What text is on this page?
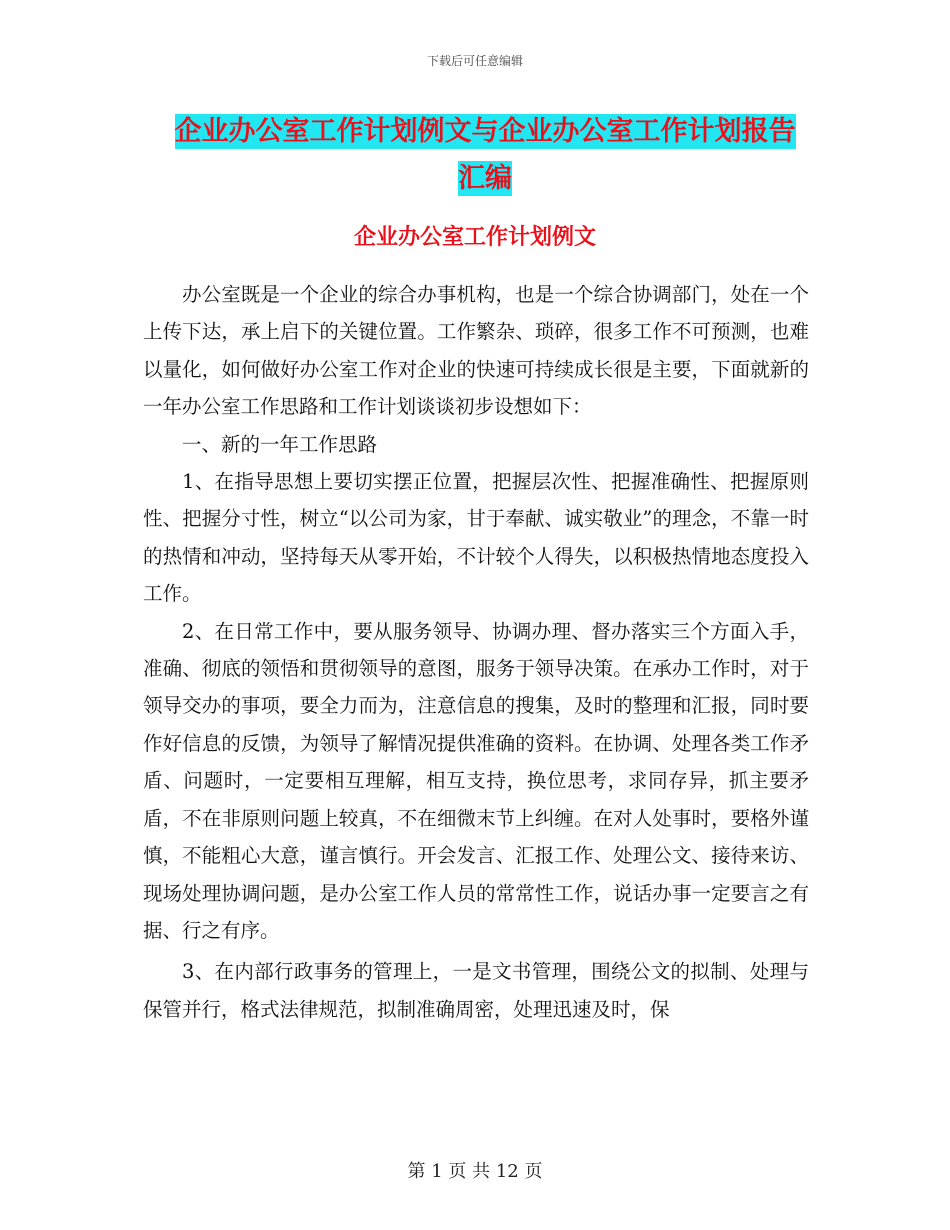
下载后可任意编辑
企业办公室工作计划例文与企业办公室工作计划报告
汇编
企业办公室工作计划例文

办公室既是一个企业的综合办事机构，也是一个综合协调部门，处在一个上传下达，承上启下的关键位置。工作繁杂、琐碎，很多工作不可预测，也难以量化，如何做好办公室工作对企业的快速可持续成长很是主要，下面就新的一年办公室工作思路和工作计划谈谈初步设想如下：

一、新的一年工作思路

1、在指导思想上要切实摆正位置，把握层次性、把握准确性、把握原则性、把握分寸性，树立“以公司为家，甘于奉献、诚实敬业”的理念，不靠一时的热情和冲动，坚持每天从零开始，不计较个人得失，以积极热情地态度投入工作。

2、在日常工作中，要从服务领导、协调办理、督办落实三个方面入手，准确、彻底的领悟和贯彻领导的意图，服务于领导决策。在承办工作时，对于领导交办的事项，要全力而为，注意信息的搜集，及时的整理和汇报，同时要作好信息的反馈，为领导了解情况提供准确的资料。在协调、处理各类工作矛盾、问题时，一定要相互理解，相互支持，换位思考，求同存异，抓主要矛盾，不在非原则问题上较真，不在细微末节上纠缠。在对人处事时，要格外谨慎，不能粗心大意，谨言慎行。开会发言、汇报工作、处理公文、接待来访、现场处理协调问题，是办公室工作人员的常常性工作，说话办事一定要言之有据、行之有序。

3、在内部行政事务的管理上，一是文书管理，围绕公文的拟制、处理与保管并行，格式法律规范，拟制准确周密，处理迅速及时，保

第 1 页 共 12 页
